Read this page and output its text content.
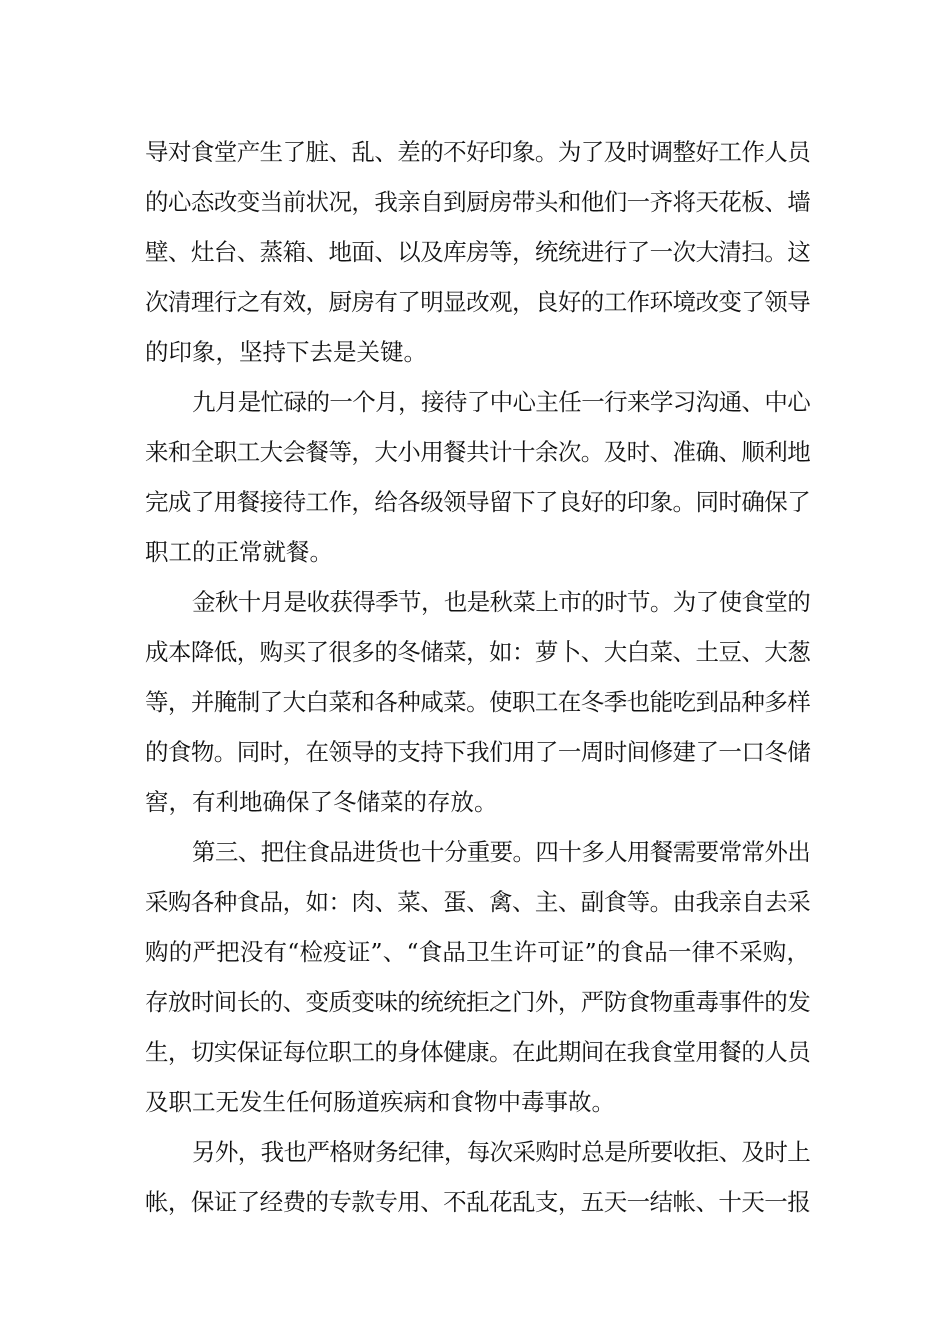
导对食堂产生了脏、乱、差的不好印象。为了及时调整好工作人员
的心态改变当前状况，我亲自到厨房带头和他们一齐将天花板、墙
壁、灶台、蒸箱、地面、以及库房等，统统进行了一次大清扫。这
次清理行之有效，厨房有了明显改观，良好的工作环境改变了领导
的印象，坚持下去是关键。
九月是忙碌的一个月，接待了中心主任一行来学习沟通、中心
来和全职工大会餐等，大小用餐共计十余次。及时、准确、顺利地
完成了用餐接待工作，给各级领导留下了良好的印象。同时确保了
职工的正常就餐。
金秋十月是收获得季节，也是秋菜上市的时节。为了使食堂的
成本降低，购买了很多的冬储菜，如：萝卜、大白菜、土豆、大葱
等，并腌制了大白菜和各种咸菜。使职工在冬季也能吃到品种多样
的食物。同时，在领导的支持下我们用了一周时间修建了一口冬储
窖，有利地确保了冬储菜的存放。
第三、把住食品进货也十分重要。四十多人用餐需要常常外出
采购各种食品，如：肉、菜、蛋、禽、主、副食等。由我亲自去采
购的严把没有“检疫证”、“食品卫生许可证”的食品一律不采购，
存放时间长的、变质变味的统统拒之门外，严防食物重毒事件的发
生，切实保证每位职工的身体健康。在此期间在我食堂用餐的人员
及职工无发生任何肠道疾病和食物中毒事故。
另外，我也严格财务纪律，每次采购时总是所要收拒、及时上
帐，保证了经费的专款专用、不乱花乱支，五天一结帐、十天一报
